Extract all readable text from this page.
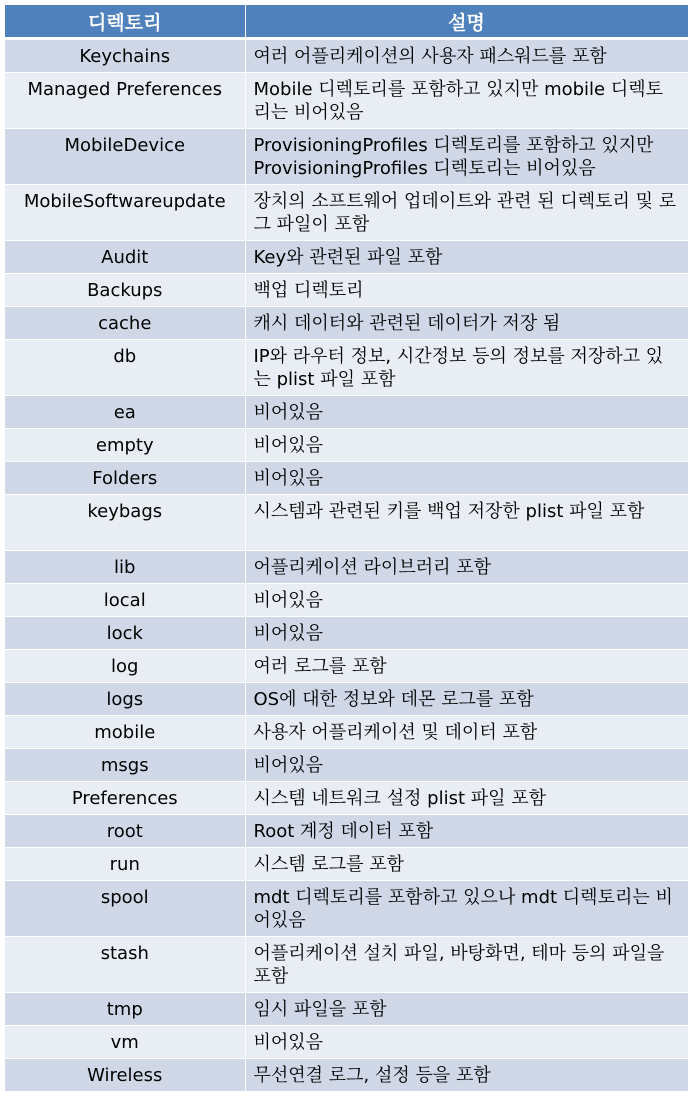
디렉토리	설명
Keychains	여러 어플리케이션의 사용자 패스워드를 포함
Managed Preferences	Mobile 디렉토리를 포함하고 있지만 mobile 디렉토리는 비어있음
MobileDevice	ProvisioningProfiles 디렉토리를 포함하고 있지만 ProvisioningProfiles 디렉토리는 비어있음
MobileSoftwareupdate	장치의 소프트웨어 업데이트와 관련 된 디렉토리 및 로그 파일이 포함
Audit	Key와 관련된 파일 포함
Backups	백업 디렉토리
cache	캐시 데이터와 관련된 데이터가 저장 됨
db	IP와 라우터 정보, 시간정보 등의 정보를 저장하고 있는 plist 파일 포함
ea	비어있음
empty	비어있음
Folders	비어있음
keybags	시스템과 관련된 키를 백업 저장한 plist 파일 포함
lib	어플리케이션 라이브러리 포함
local	비어있음
lock	비어있음
log	여러 로그를 포함
logs	OS에 대한 정보와 데몬 로그를 포함
mobile	사용자 어플리케이션 및 데이터 포함
msgs	비어있음
Preferences	시스템 네트워크 설정 plist 파일 포함
root	Root 계정 데이터 포함
run	시스템 로그를 포함
spool	mdt 디렉토리를 포함하고 있으나 mdt 디렉토리는 비어있음
stash	어플리케이션 설치 파일, 바탕화면, 테마 등의 파일을 포함
tmp	임시 파일을 포함
vm	비어있음
Wireless	무선연결 로그, 설정 등을 포함
